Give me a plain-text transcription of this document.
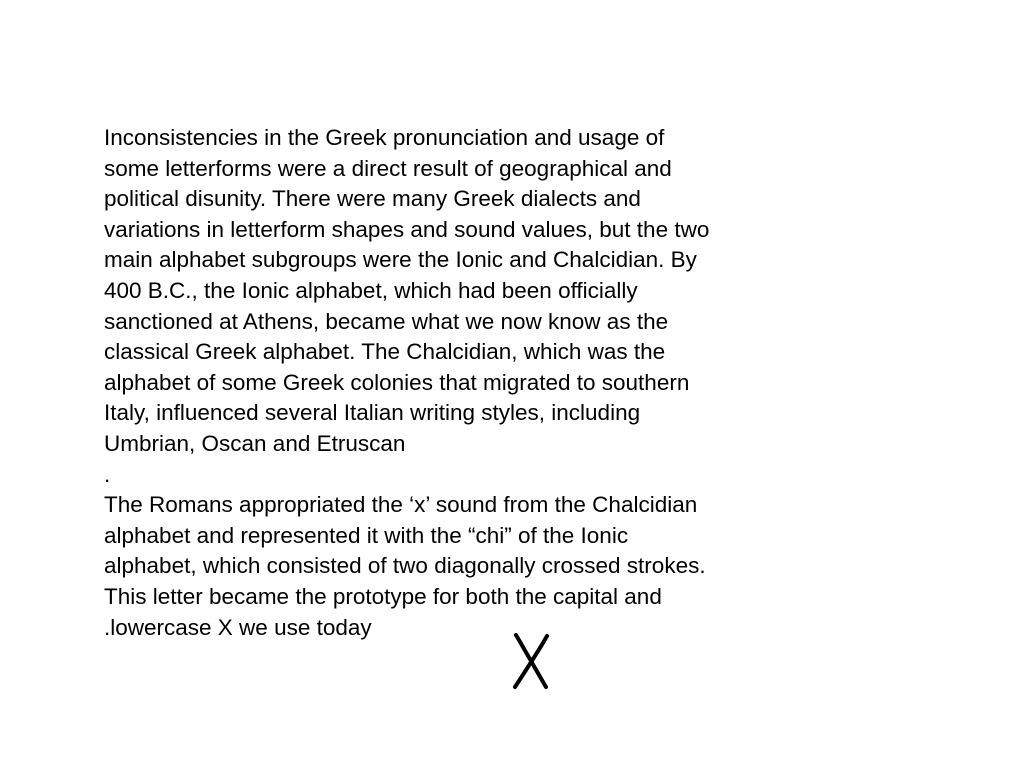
Inconsistencies in the Greek pronunciation and usage of
some letterforms were a direct result of geographical and
political disunity. There were many Greek dialects and
variations in letterform shapes and sound values, but the two
main alphabet subgroups were the Ionic and Chalcidian. By
400 B.C., the Ionic alphabet, which had been officially
sanctioned at Athens, became what we now know as the
classical Greek alphabet. The Chalcidian, which was the
alphabet of some Greek colonies that migrated to southern
Italy, influenced several Italian writing styles, including
Umbrian, Oscan and Etruscan
.
The Romans appropriated the ‘x’ sound from the Chalcidian
alphabet and represented it with the “chi” of the Ionic
alphabet, which consisted of two diagonally crossed strokes.
This letter became the prototype for both the capital and
.lowercase X we use today
